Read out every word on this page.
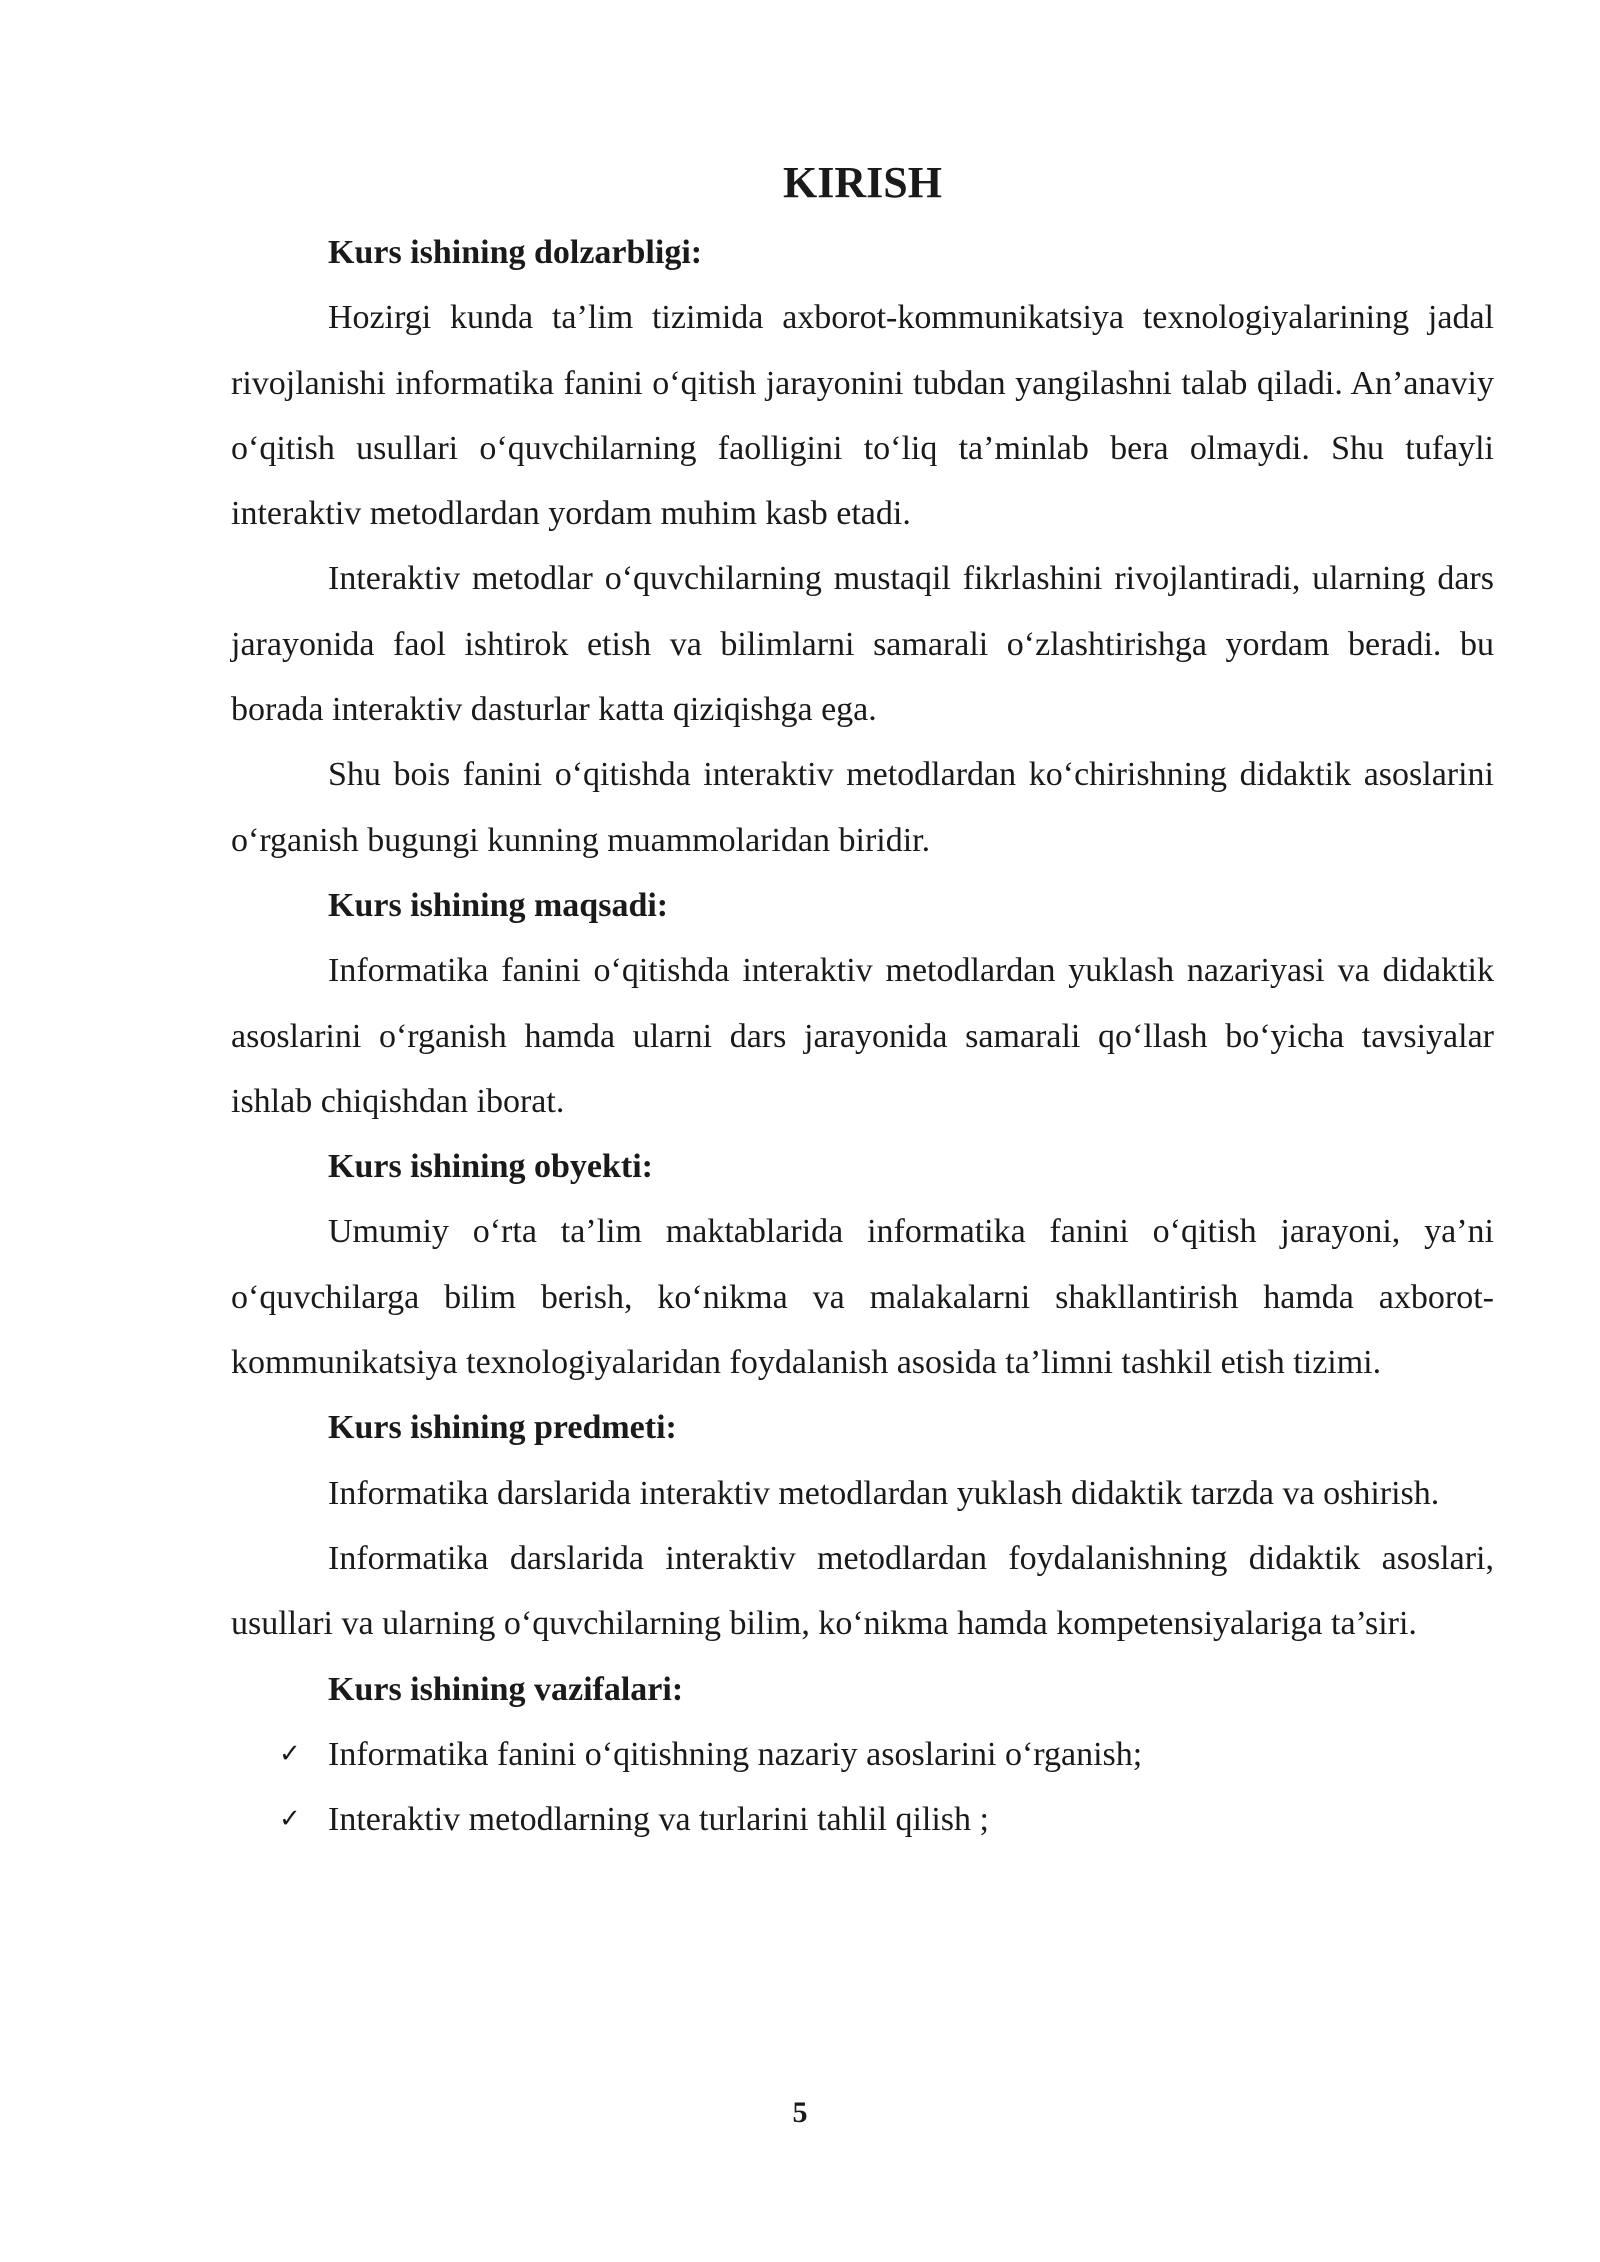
KIRISH
Kurs ishining dolzarbligi:

Hozirgi kunda ta’lim tizimida axborot-kommunikatsiya texnologiyalarining jadal rivojlanishi informatika fanini o‘qitish jarayonini tubdan yangilashni talab qiladi. An’anaviy o‘qitish usullari o‘quvchilarning faolligini to‘liq ta’minlab bera olmaydi. Shu tufayli interaktiv metodlardan yordam muhim kasb etadi.

Interaktiv metodlar o‘quvchilarning mustaqil fikrlashini rivojlantiradi, ularning dars jarayonida faol ishtirok etish va bilimlarni samarali o‘zlashtirishga yordam beradi. bu borada interaktiv dasturlar katta qiziqishga ega.

Shu bois fanini o‘qitishda interaktiv metodlardan ko‘chirishning didaktik asoslarini o‘rganish bugungi kunning muammolaridan biridir.

Kurs ishining maqsadi:

Informatika fanini o‘qitishda interaktiv metodlardan yuklash nazariyasi va didaktik asoslarini o‘rganish hamda ularni dars jarayonida samarali qo‘llash bo‘yicha tavsiyalar ishlab chiqishdan iborat.

Kurs ishining obyekti:

Umumiy o‘rta ta’lim maktablarida informatika fanini o‘qitish jarayoni, ya’ni o‘quvchilarga bilim berish, ko‘nikma va malakalarni shakllantirish hamda axborot-kommunikatsiya texnologiyalaridan foydalanish asosida ta’limni tashkil etish tizimi.

Kurs ishining predmeti:

Informatika darslarida interaktiv metodlardan yuklash didaktik tarzda va oshirish.

Informatika darslarida interaktiv metodlardan foydalanishning didaktik asoslari, usullari va ularning o‘quvchilarning bilim, ko‘nikma hamda kompetensiyalariga ta’siri.

Kurs ishining vazifalari:
✓ Informatika fanini o‘qitishning nazariy asoslarini o‘rganish;
✓ Interaktiv metodlarning va turlarini tahlil qilish ;
5
